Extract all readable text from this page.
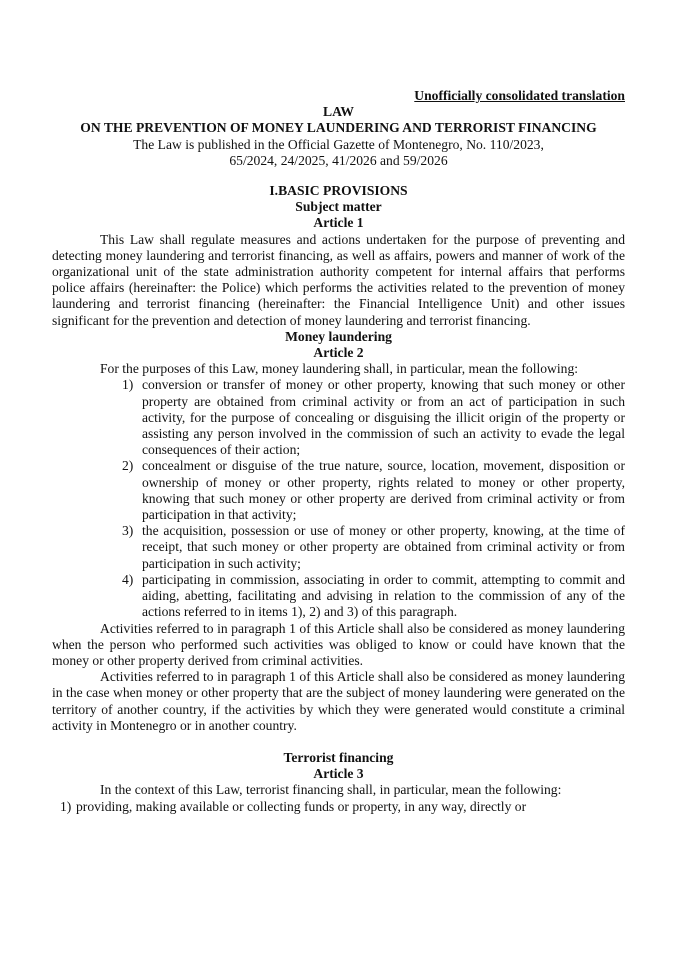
Unofficially consolidated translation
LAW
ON THE PREVENTION OF MONEY LAUNDERING AND TERRORIST FINANCING
The Law is published in the Official Gazette of Montenegro, No. 110/2023,
65/2024, 24/2025, 41/2026 and 59/2026
I.BASIC PROVISIONS
Subject matter
Article 1
This Law shall regulate measures and actions undertaken for the purpose of preventing and detecting money laundering and terrorist financing, as well as affairs, powers and manner of work of the organizational unit of the state administration authority competent for internal affairs that performs police affairs (hereinafter: the Police) which performs the activities related to the prevention of money laundering and terrorist financing (hereinafter: the Financial Intelligence Unit) and other issues significant for the prevention and detection of money laundering and terrorist financing.
Money laundering
Article 2
For the purposes of this Law, money laundering shall, in particular, mean the following:
1) conversion or transfer of money or other property, knowing that such money or other property are obtained from criminal activity or from an act of participation in such activity, for the purpose of concealing or disguising the illicit origin of the property or assisting any person involved in the commission of such an activity to evade the legal consequences of their action;
2) concealment or disguise of the true nature, source, location, movement, disposition or ownership of money or other property, rights related to money or other property, knowing that such money or other property are derived from criminal activity or from participation in that activity;
3) the acquisition, possession or use of money or other property, knowing, at the time of receipt, that such money or other property are obtained from criminal activity or from participation in such activity;
4) participating in commission, associating in order to commit, attempting to commit and aiding, abetting, facilitating and advising in relation to the commission of any of the actions referred to in items 1), 2) and 3) of this paragraph.
Activities referred to in paragraph 1 of this Article shall also be considered as money laundering when the person who performed such activities was obliged to know or could have known that the money or other property derived from criminal activities.
Activities referred to in paragraph 1 of this Article shall also be considered as money laundering in the case when money or other property that are the subject of money laundering were generated on the territory of another country, if the activities by which they were generated would constitute a criminal activity in Montenegro or in another country.
Terrorist financing
Article 3
In the context of this Law, terrorist financing shall, in particular, mean the following:
1) providing, making available or collecting funds or property, in any way, directly or
